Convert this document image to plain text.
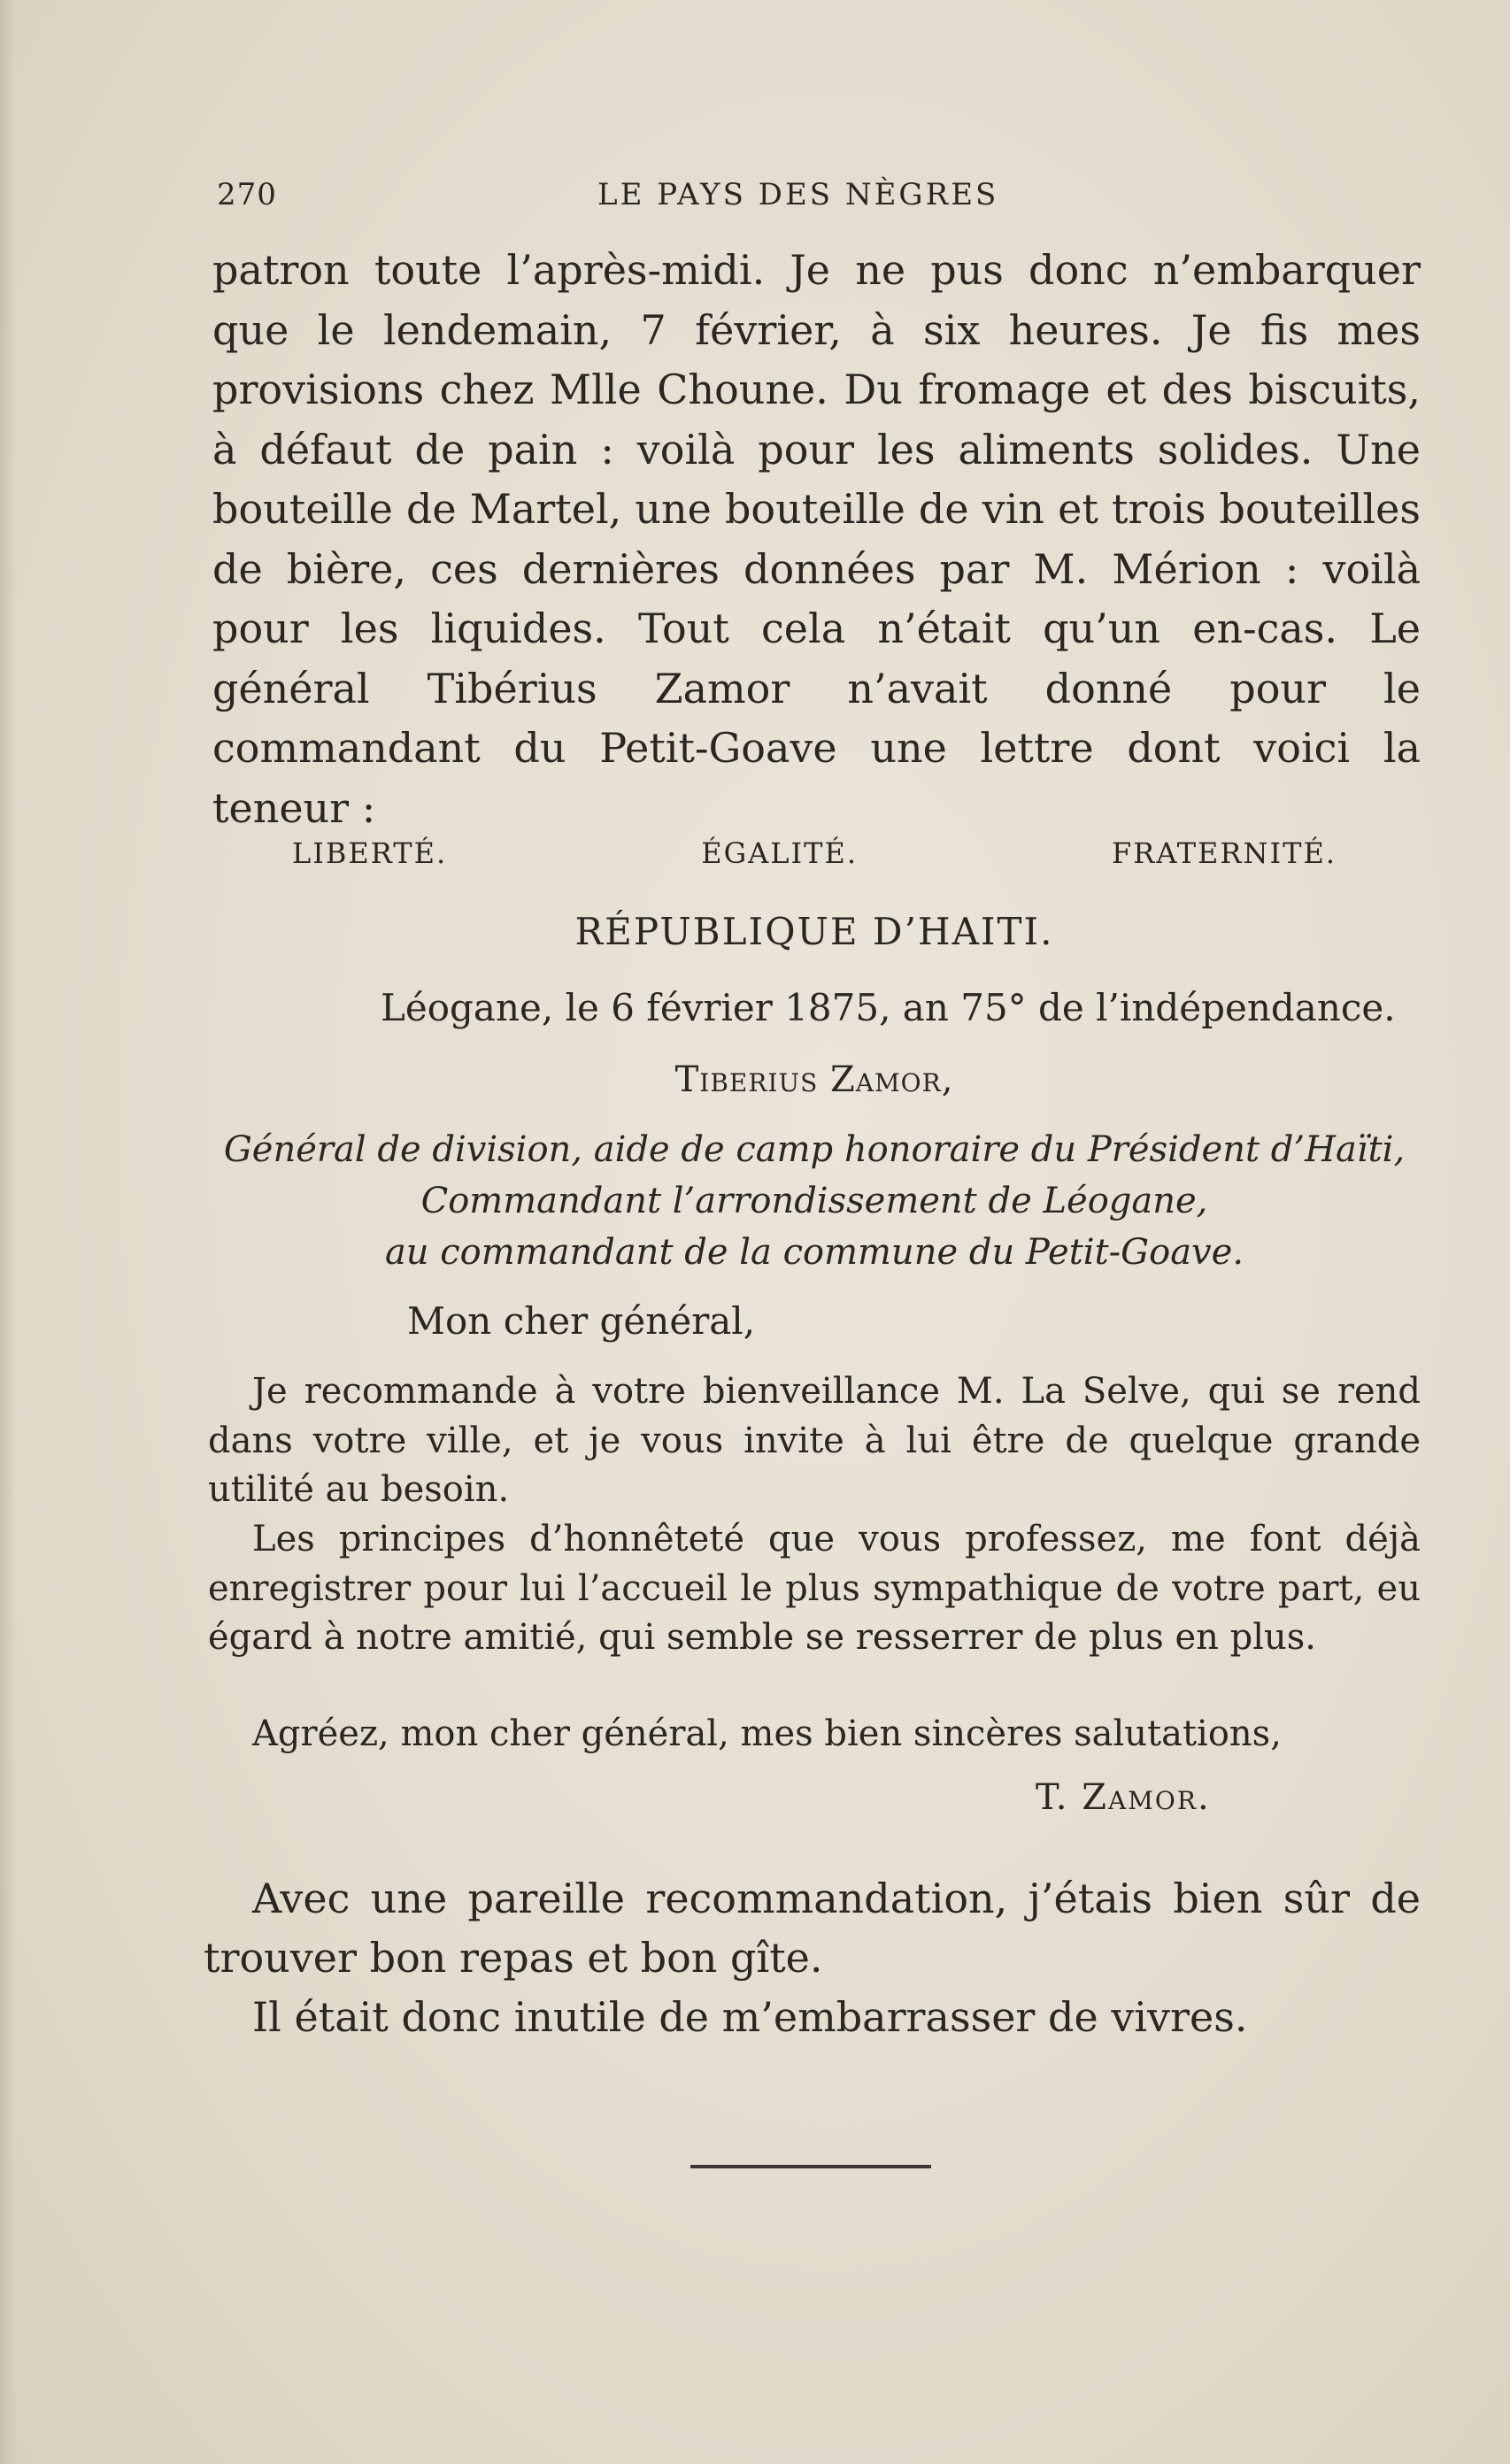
270	LE PAYS DES NÈGRES

patron toute l’après-midi. Je ne pus donc n’embarquer que le lendemain, 7 février, à six heures. Je fis mes provisions chez Mlle Choune. Du fromage et des biscuits, à défaut de pain : voilà pour les aliments solides. Une bouteille de Martel, une bouteille de vin et trois bouteilles de bière, ces dernières données par M. Mérion : voilà pour les liquides. Tout cela n’était qu’un en-cas. Le général Tibérius Zamor n’avait donné pour le commandant du Petit-Goave une lettre dont voici la teneur :

LIBERTÉ.	ÉGALITÉ.	FRATERNITÉ.
RÉPUBLIQUE D’HAITI.
Léogane, le 6 février 1875, an 75° de l’indépendance.
Tiberius Zamor,
Général de division, aide de camp honoraire du Président d’Haïti,
Commandant l’arrondissement de Léogane,
au commandant de la commune du Petit-Goave.
Mon cher général,

Je recommande à votre bienveillance M. La Selve, qui se rend dans votre ville, et je vous invite à lui être de quelque grande utilité au besoin.

Les principes d’honnêteté que vous professez, me font déjà enregistrer pour lui l’accueil le plus sympathique de votre part, eu égard à notre amitié, qui semble se resserrer de plus en plus.

Agréez, mon cher général, mes bien sincères salutations,

T. Zamor.

Avec une pareille recommandation, j’étais bien sûr de trouver bon repas et bon gîte.

Il était donc inutile de m’embarrasser de vivres.
